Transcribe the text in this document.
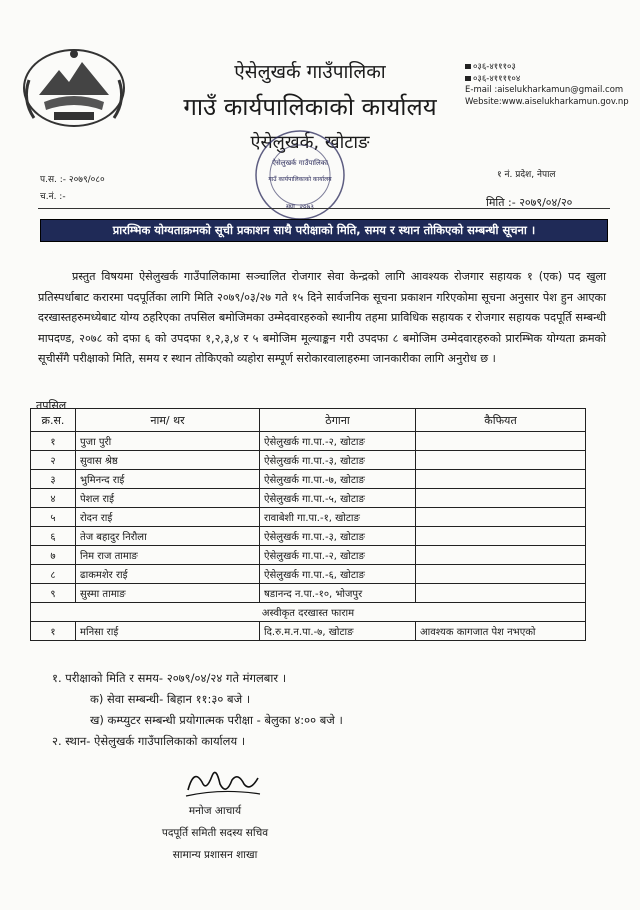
ऐसेलुखर्क गाउँपालिका
गाउँ कार्यपालिकाको कार्यालय
ऐसेलुखर्क, खोटाङ
०३६-४१११०३
०३६-४११११०४
E-mail :aiselukharkamun@gmail.com
Website:www.aiselukharkamun.gov.np
प.स. :- २०७९/०८०
च.नं. :-
१ नं. प्रदेश, नेपाल
मिति :- २०७९/०४/२०
ऐसेलुखर्क गाउँपालिका
गाउँ कार्यपालिकाको कार्यालय
स्था. २०७३
प्रारम्भिक योग्यताक्रमको सूची प्रकाशन साथै परीक्षाको मिति, समय र स्थान तोकिएको सम्बन्धी सूचना ।
प्रस्तुत विषयमा ऐसेलुखर्क गाउँपालिकामा सञ्चालित रोजगार सेवा केन्द्रको लागि आवश्यक रोजगार सहायक १ (एक) पद खुला प्रतिस्पर्धाबाट करारमा पदपूर्तिका लागि मिति २०७९/०३/२७ गते १५ दिने सार्वजनिक सूचना प्रकाशन गरिएकोमा सूचना अनुसार पेश हुन आएका दरखास्तहरुमध्येबाट योग्य ठहरिएका तपसिल बमोजिमका उम्मेदवारहरुको स्थानीय तहमा प्राविधिक सहायक र रोजगार सहायक पदपूर्ति सम्बन्धी मापदण्ड, २०७८ को दफा ६ को उपदफा १,२,३,४ र ५ बमोजिम मूल्याङ्कन गरी उपदफा ८ बमोजिम उम्मेदवारहरुको प्रारम्भिक योग्यता क्रमको सूचीसँगै परीक्षाको मिति, समय र स्थान तोकिएको व्यहोरा सम्पूर्ण सरोकारवालाहरुमा जानकारीका लागि अनुरोध छ ।
तपसिल
क्र.स.	नाम/ थर	ठेगाना	कैफियत
१	पुजा पुरी	ऐसेलुखर्क गा.पा.-२, खोटाङ	
२	सुवास श्रेष्ठ	ऐसेलुखर्क गा.पा.-३, खोटाङ	
३	भुमिनन्द राई	ऐसेलुखर्क गा.पा.-७, खोटाङ	
४	पेशल राई	ऐसेलुखर्क गा.पा.-५, खोटाङ	
५	रोदन राई	रावाबेशी गा.पा.-१, खोटाङ	
६	तेज बहादुर निरौला	ऐसेलुखर्क गा.पा.-३, खोटाङ	
७	निम राज तामाङ	ऐसेलुखर्क गा.पा.-२, खोटाङ	
८	ढाकमशेर राई	ऐसेलुखर्क गा.पा.-६, खोटाङ	
९	सुस्मा तामाङ	षडानन्द न.पा.-१०, भोजपुर	
अस्वीकृत दरखास्त फाराम			
१	मनिसा राई	दि.रु.म.न.पा.-७, खोटाङ	आवश्यक कागजात पेश नभएको
१. परीक्षाको मिति र समय- २०७९/०४/२४ गते मंगलबार ।
क) सेवा सम्बन्धी- बिहान ११:३० बजे ।
ख) कम्प्युटर सम्बन्धी प्रयोगात्मक परीक्षा - बेलुका ४:०० बजे ।
२. स्थान- ऐसेलुखर्क गाउँपालिकाको कार्यालय ।
मनोज आचार्य
पदपूर्ति समिती सदस्य सचिव
सामान्य प्रशासन शाखा
